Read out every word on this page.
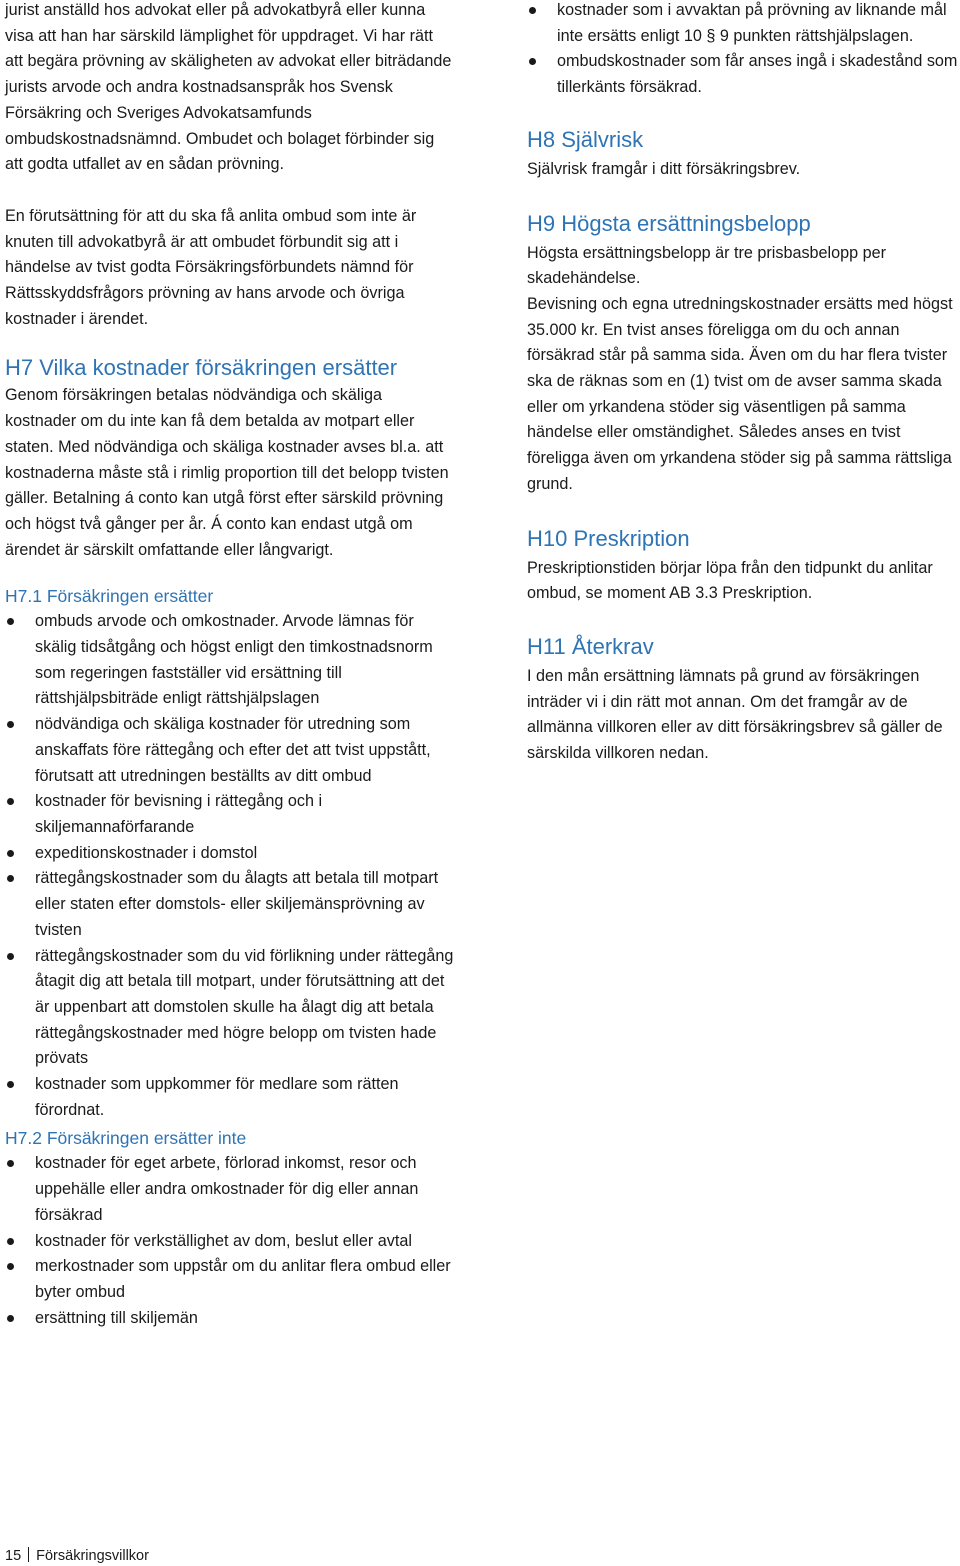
jurist anställd hos advokat eller på advokatbyrå eller kunna visa att han har särskild lämplighet för uppdraget. Vi har rätt att begära prövning av skäligheten av advokat eller biträdande jurists arvode och andra kostnadsanspråk hos Svensk Försäkring och Sveriges Advokatsamfunds ombudskostnadsnämnd. Ombudet och bolaget förbinder sig att godta utfallet av en sådan prövning.

En förutsättning för att du ska få anlita ombud som inte är knuten till advokatbyrå är att ombudet förbundit sig att i händelse av tvist godta Försäkringsförbundets nämnd för Rättsskyddsfrågors prövning av hans arvode och övriga kostnader i ärendet.

H7 Vilka kostnader försäkringen ersätter

Genom försäkringen betalas nödvändiga och skäliga kostnader om du inte kan få dem betalda av motpart eller staten. Med nödvändiga och skäliga kostnader avses bl.a. att kostnaderna måste stå i rimlig proportion till det belopp tvisten gäller. Betalning á conto kan utgå först efter särskild prövning och högst två gånger per år. Á conto kan endast utgå om ärendet är särskilt omfattande eller långvarigt.

H7.1 Försäkringen ersätter
ombuds arvode och omkostnader. Arvode lämnas för skälig tidsåtgång och högst enligt den timkostnadsnorm som regeringen fastställer vid ersättning till rättshjälpsbiträde enligt rättshjälpslagen
nödvändiga och skäliga kostnader för utredning som anskaffats före rättegång och efter det att tvist uppstått, förutsatt att utredningen beställts av ditt ombud
kostnader för bevisning i rättegång och i skiljemannaförfarande
expeditionskostnader i domstol
rättegångskostnader som du ålagts att betala till motpart eller staten efter domstols- eller skiljemänsprövning av tvisten
rättegångskostnader som du vid förlikning under rättegång åtagit dig att betala till motpart, under förutsättning att det är uppenbart att domstolen skulle ha ålagt dig att betala rättegångskostnader med högre belopp om tvisten hade prövats
kostnader som uppkommer för medlare som rätten förordnat.
H7.2 Försäkringen ersätter inte
kostnader för eget arbete, förlorad inkomst, resor och uppehälle eller andra omkostnader för dig eller annan försäkrad
kostnader för verkställighet av dom, beslut eller avtal
merkostnader som uppstår om du anlitar flera ombud eller byter ombud
ersättning till skiljemän
kostnader som i avvaktan på prövning av liknande mål inte ersätts enligt 10 § 9 punkten rättshjälpslagen.
ombudskostnader som får anses ingå i skadestånd som tillerkänts försäkrad.
H8 Självrisk

Självrisk framgår i ditt försäkringsbrev.

H9 Högsta ersättningsbelopp

Högsta ersättningsbelopp är tre prisbasbelopp per skadehändelse.

Bevisning och egna utredningskostnader ersätts med högst 35.000 kr. En tvist anses föreligga om du och annan försäkrad står på samma sida. Även om du har flera tvister ska de räknas som en (1) tvist om de avser samma skada eller om yrkandena stöder sig väsentligen på samma händelse eller omständighet. Således anses en tvist föreligga även om yrkandena stöder sig på samma rättsliga grund.

H10 Preskription

Preskriptionstiden börjar löpa från den tidpunkt du anlitar ombud, se moment AB 3.3 Preskription.

H11 Återkrav

I den mån ersättning lämnats på grund av försäkringen inträder vi i din rätt mot annan. Om det framgår av de allmänna villkoren eller av ditt försäkringsbrev så gäller de särskilda villkoren nedan.

15 Försäkringsvillkor
